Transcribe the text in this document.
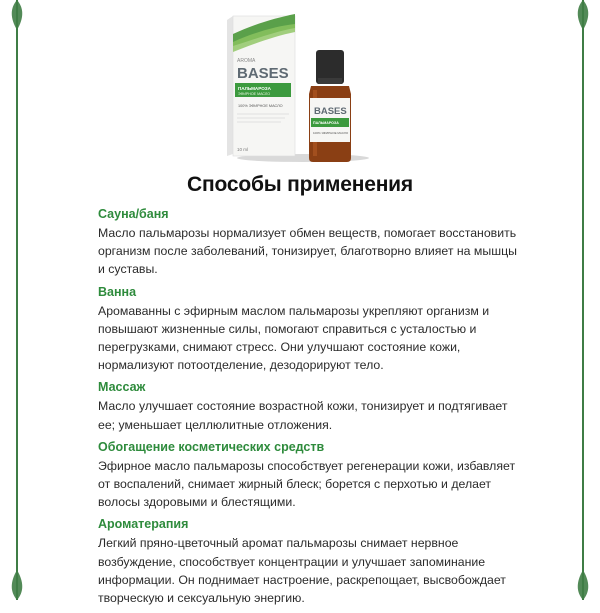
AROMA
BASES
ПАЛЬМАРОЗА
ЭФИРНОЕ МАСЛО
100% ЭФИРНОЕ МАСЛО
10 ml
BASES
ПАЛЬМАРОЗА
100% ЭФИРНОЕ МАСЛО
Способы применения
Сауна/баня

Масло пальмарозы нормализует обмен веществ, помогает восстановить организм после заболеваний, тонизирует, благотворно влияет на мышцы и суставы.

Ванна

Аромаванны с эфирным маслом пальмарозы укрепляют организм и повышают жизненные силы, помогают справиться с усталостью и перегрузками, снимают стресс. Они улучшают состояние кожи, нормализуют потоотделение, дезодорируют тело.

Массаж

Масло улучшает состояние возрастной кожи, тонизирует и подтягивает ее; уменьшает целлюлитные отложения.

Обогащение косметических средств

Эфирное масло пальмарозы способствует регенерации кожи, избавляет от воспалений, снимает жирный блеск; борется с перхотью и делает волосы здоровыми и блестящими.

Ароматерапия

Легкий пряно-цветочный аромат пальмарозы снимает нервное возбуждение, способствует концентрации и улучшает запоминание информации. Он поднимает настроение, раскрепощает, высвобождает творческую и сексуальную энергию.
